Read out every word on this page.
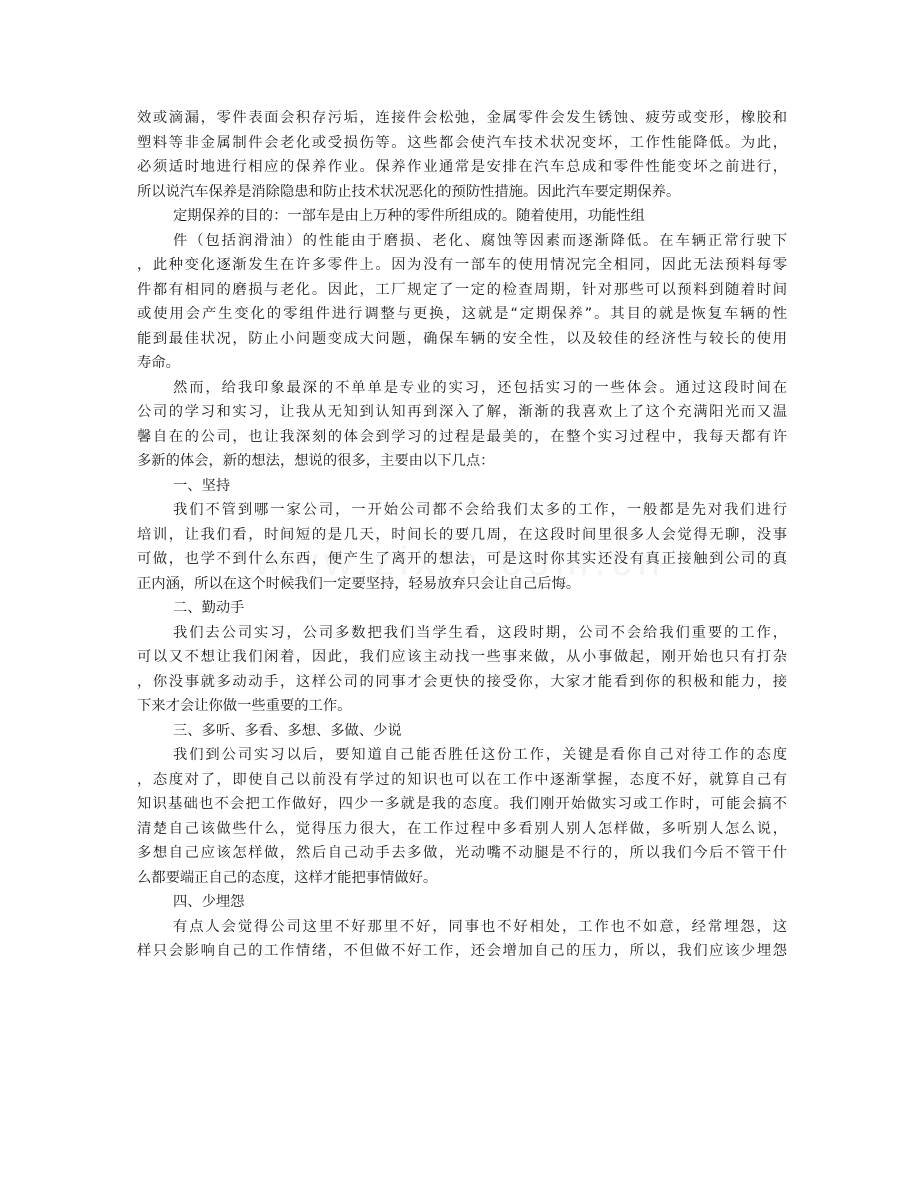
效或滴漏，零件表面会积存污垢，连接件会松弛，金属零件会发生锈蚀、疲劳或变形，橡胶和
塑料等非金属制件会老化或受损伤等。这些都会使汽车技术状况变坏，工作性能降低。为此，
必须适时地进行相应的保养作业。保养作业通常是安排在汽车总成和零件性能变坏之前进行，
所以说汽车保养是消除隐患和防止技术状况恶化的预防性措施。因此汽车要定期保养。
定期保养的目的：一部车是由上万种的零件所组成的。随着使用，功能性组
件（包括润滑油）的性能由于磨损、老化、腐蚀等因素而逐渐降低。在车辆正常行驶下
，此种变化逐渐发生在许多零件上。因为没有一部车的使用情况完全相同，因此无法预料每零
件都有相同的磨损与老化。因此，工厂规定了一定的检查周期，针对那些可以预料到随着时间
或使用会产生变化的零组件进行调整与更换，这就是“定期保养”。其目的就是恢复车辆的性
能到最佳状况，防止小问题变成大问题，确保车辆的安全性，以及较佳的经济性与较长的使用
寿命。
然而，给我印象最深的不单单是专业的实习，还包括实习的一些体会。通过这段时间在
公司的学习和实习，让我从无知到认知再到深入了解，渐渐的我喜欢上了这个充满阳光而又温
馨自在的公司，也让我深刻的体会到学习的过程是最美的，在整个实习过程中，我每天都有许
多新的体会，新的想法，想说的很多，主要由以下几点：
一、坚持
我们不管到哪一家公司，一开始公司都不会给我们太多的工作，一般都是先对我们进行
培训，让我们看，时间短的是几天，时间长的要几周，在这段时间里很多人会觉得无聊，没事
可做，也学不到什么东西，便产生了离开的想法，可是这时你其实还没有真正接触到公司的真
正内涵，所以在这个时候我们一定要坚持，轻易放弃只会让自己后悔。
二、勤动手
我们去公司实习，公司多数把我们当学生看，这段时期，公司不会给我们重要的工作，
可以又不想让我们闲着，因此，我们应该主动找一些事来做，从小事做起，刚开始也只有打杂
，你没事就多动动手，这样公司的同事才会更快的接受你，大家才能看到你的积极和能力，接
下来才会让你做一些重要的工作。
三、多听、多看、多想、多做、少说
我们到公司实习以后，要知道自己能否胜任这份工作，关键是看你自己对待工作的态度
，态度对了，即使自己以前没有学过的知识也可以在工作中逐渐掌握，态度不好，就算自己有
知识基础也不会把工作做好，四少一多就是我的态度。我们刚开始做实习或工作时，可能会搞不
清楚自己该做些什么，觉得压力很大，在工作过程中多看别人别人怎样做，多听别人怎么说，
多想自己应该怎样做，然后自己动手去多做，光动嘴不动腿是不行的，所以我们今后不管干什
么都要端正自己的态度，这样才能把事情做好。
四、少埋怨
有点人会觉得公司这里不好那里不好，同事也不好相处，工作也不如意，经常埋怨，这
样只会影响自己的工作情绪，不但做不好工作，还会增加自己的压力，所以，我们应该少埋怨
